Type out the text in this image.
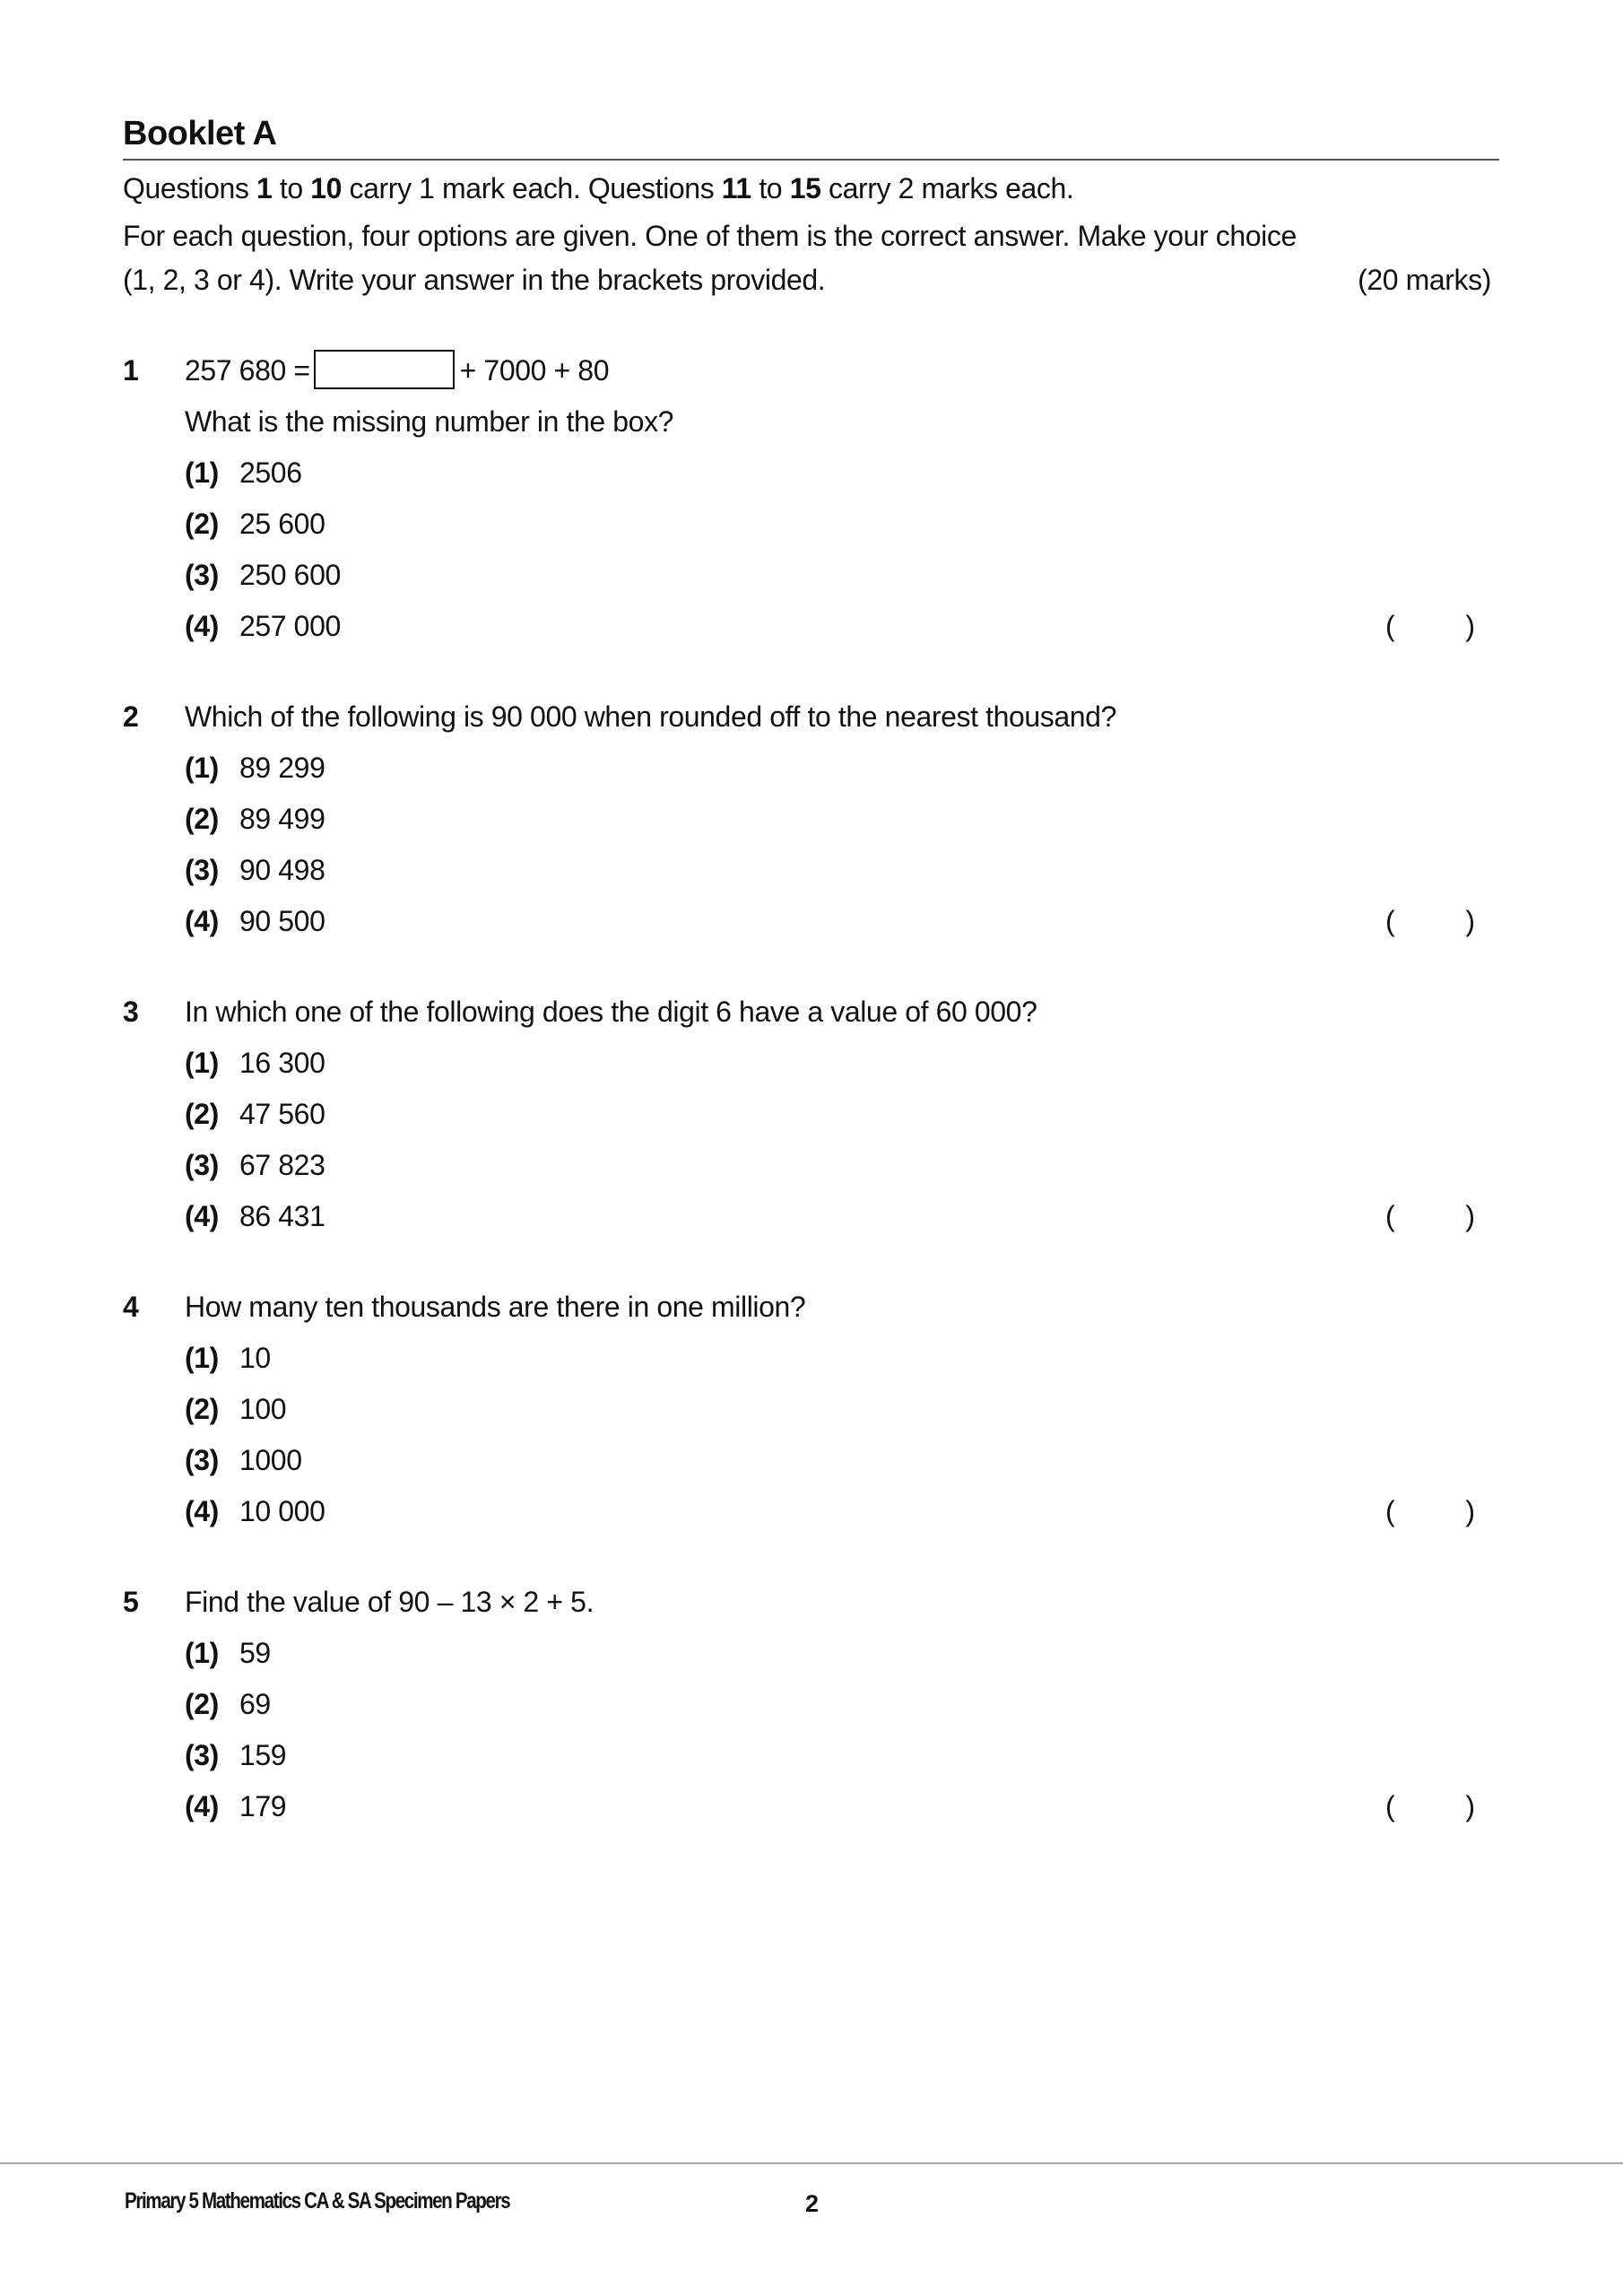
Booklet A
Questions 1 to 10 carry 1 mark each. Questions 11 to 15 carry 2 marks each.
For each question, four options are given. One of them is the correct answer. Make your choice
(1, 2, 3 or 4). Write your answer in the brackets provided.	(20 marks)
1 257 680 =	+ 7000 + 80
What is the missing number in the box?
(1) 2506
(2) 25 600
(3) 250 600
(4) 257 000	( )
2 Which of the following is 90 000 when rounded off to the nearest thousand?
(1) 89 299
(2) 89 499
(3) 90 498
(4) 90 500	( )
3 In which one of the following does the digit 6 have a value of 60 000?
(1) 16 300
(2) 47 560
(3) 67 823
(4) 86 431	( )
4 How many ten thousands are there in one million?
(1) 10
(2) 100
(3) 1000
(4) 10 000	( )
5 Find the value of 90 – 13 × 2 + 5.
(1) 59
(2) 69
(3) 159
(4) 179	( )
Primary 5 Mathematics CA & SA Specimen Papers	2
